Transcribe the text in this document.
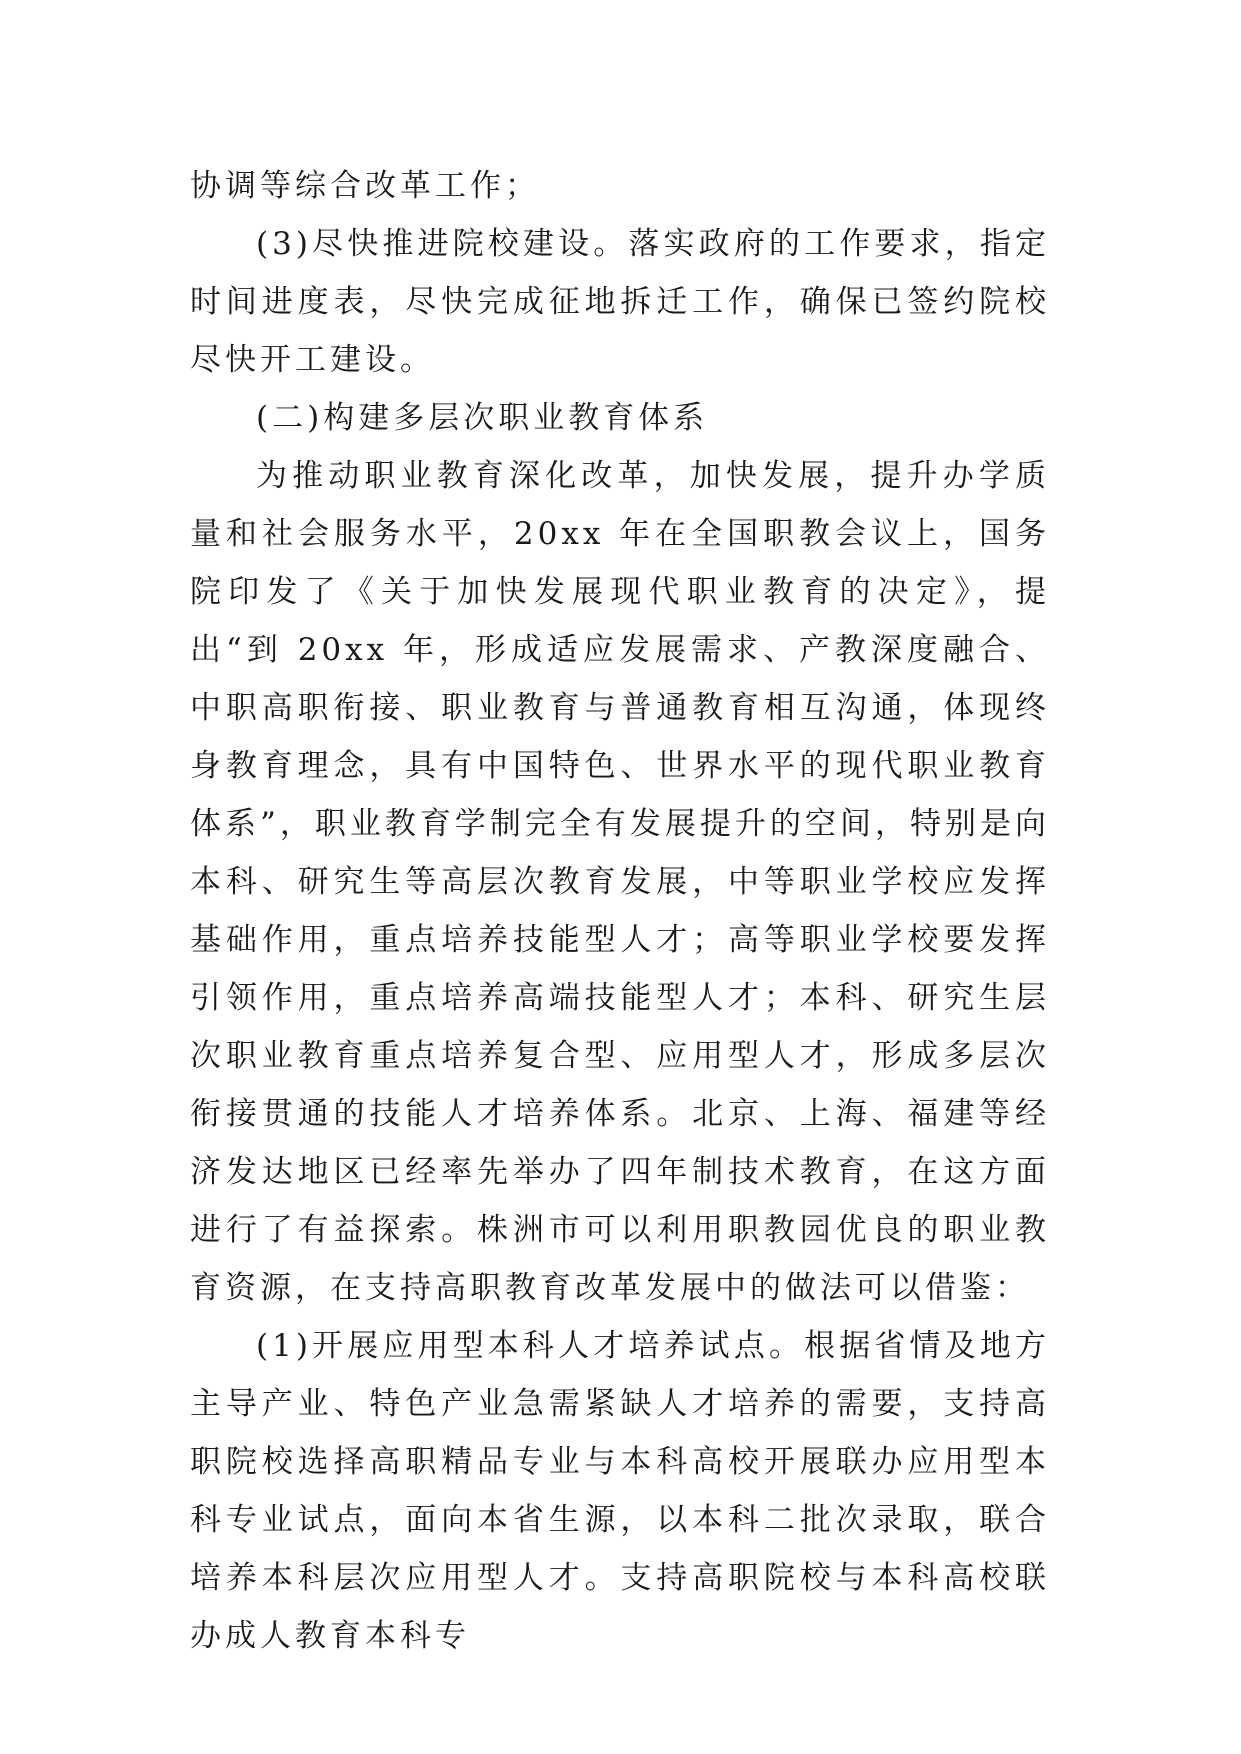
协调等综合改革工作；

(3)尽快推进院校建设。落实政府的工作要求，指定时间进度表，尽快完成征地拆迁工作，确保已签约院校尽快开工建设。

(二)构建多层次职业教育体系

为推动职业教育深化改革，加快发展，提升办学质量和社会服务水平，20xx 年在全国职教会议上，国务院印发了《关于加快发展现代职业教育的决定》，提出“到 20xx 年，形成适应发展需求、产教深度融合、中职高职衔接、职业教育与普通教育相互沟通，体现终身教育理念，具有中国特色、世界水平的现代职业教育体系”，职业教育学制完全有发展提升的空间，特别是向本科、研究生等高层次教育发展，中等职业学校应发挥基础作用，重点培养技能型人才；高等职业学校要发挥引领作用，重点培养高端技能型人才；本科、研究生层次职业教育重点培养复合型、应用型人才，形成多层次衔接贯通的技能人才培养体系。北京、上海、福建等经济发达地区已经率先举办了四年制技术教育，在这方面进行了有益探索。株洲市可以利用职教园优良的职业教育资源，在支持高职教育改革发展中的做法可以借鉴：

(1)开展应用型本科人才培养试点。根据省情及地方主导产业、特色产业急需紧缺人才培养的需要，支持高职院校选择高职精品专业与本科高校开展联办应用型本科专业试点，面向本省生源，以本科二批次录取，联合培养本科层次应用型人才。支持高职院校与本科高校联办成人教育本科专
